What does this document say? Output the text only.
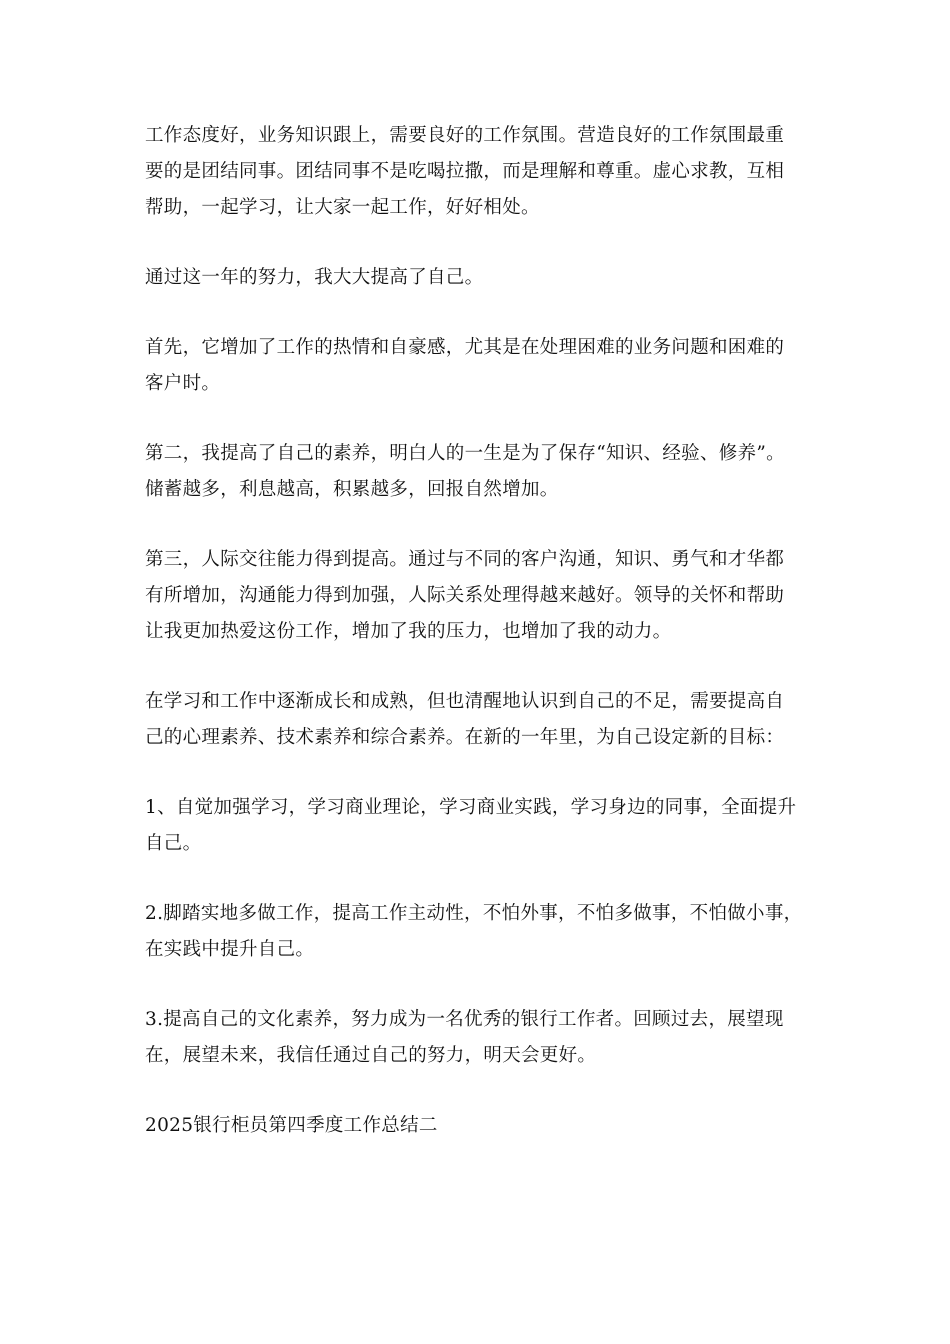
工作态度好，业务知识跟上，需要良好的工作氛围。营造良好的工作氛围最重
要的是团结同事。团结同事不是吃喝拉撒，而是理解和尊重。虚心求教，互相
帮助，一起学习，让大家一起工作，好好相处。

通过这一年的努力，我大大提高了自己。

首先，它增加了工作的热情和自豪感，尤其是在处理困难的业务问题和困难的
客户时。

第二，我提高了自己的素养，明白人的一生是为了保存“知识、经验、修养”。
储蓄越多，利息越高，积累越多，回报自然增加。

第三，人际交往能力得到提高。通过与不同的客户沟通，知识、勇气和才华都
有所增加，沟通能力得到加强，人际关系处理得越来越好。领导的关怀和帮助
让我更加热爱这份工作，增加了我的压力，也增加了我的动力。

在学习和工作中逐渐成长和成熟，但也清醒地认识到自己的不足，需要提高自
己的心理素养、技术素养和综合素养。在新的一年里，为自己设定新的目标：

1、自觉加强学习，学习商业理论，学习商业实践，学习身边的同事，全面提升
自己。

2.脚踏实地多做工作，提高工作主动性，不怕外事，不怕多做事，不怕做小事，
在实践中提升自己。

3.提高自己的文化素养，努力成为一名优秀的银行工作者。回顾过去，展望现
在，展望未来，我信任通过自己的努力，明天会更好。

2025银行柜员第四季度工作总结二
